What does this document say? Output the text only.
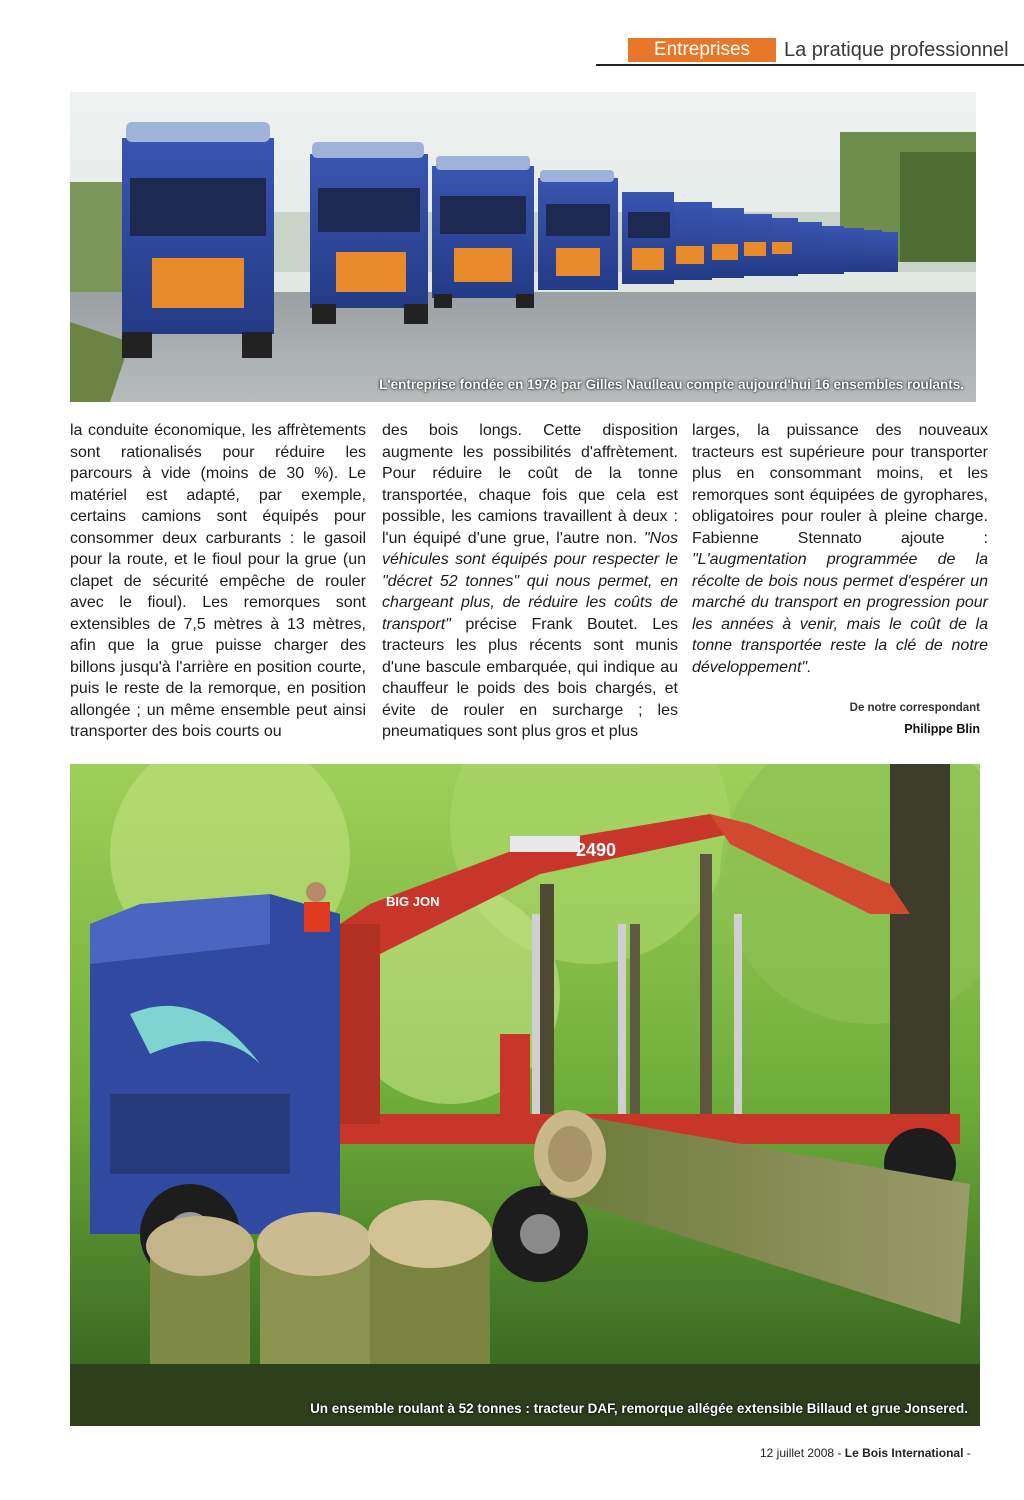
Entreprises	La pratique professionnel
L'entreprise fondée en 1978 par Gilles Naulleau compte aujourd'hui 16 ensembles roulants.

la conduite économique, les affrètements sont rationalisés pour réduire les parcours à vide (moins de 30 %). Le matériel est adapté, par exemple, certains camions sont équipés pour consommer deux carburants : le gasoil pour la route, et le fioul pour la grue (un clapet de sécurité empêche de rouler avec le fioul). Les remorques sont extensibles de 7,5 mètres à 13 mètres, afin que la grue puisse charger des billons jusqu'à l'arrière en position courte, puis le reste de la remorque, en position allongée ; un même ensemble peut ainsi transporter des bois courts ou

des bois longs. Cette disposition augmente les possibilités d'affrètement. Pour réduire le coût de la tonne transportée, chaque fois que cela est possible, les camions travaillent à deux : l'un équipé d'une grue, l'autre non. "Nos véhicules sont équipés pour respecter le "décret 52 tonnes" qui nous permet, en chargeant plus, de réduire les coûts de transport" précise Frank Boutet. Les tracteurs les plus récents sont munis d'une bascule embarquée, qui indique au chauffeur le poids des bois chargés, et évite de rouler en surcharge ; les pneumatiques sont plus gros et plus

larges, la puissance des nouveaux tracteurs est supérieure pour transporter plus en consommant moins, et les remorques sont équipées de gyrophares, obligatoires pour rouler à pleine charge. Fabienne Stennato ajoute : "L'augmentation programmée de la récolte de bois nous permet d'espérer un marché du transport en progression pour les années à venir, mais le coût de la tonne transportée reste la clé de notre développement".

De notre correspondant
Philippe Blin
2490
BIG JON
Un ensemble roulant à 52 tonnes : tracteur DAF, remorque allégée extensible Billaud et grue Jonsered.
12 juillet 2008 - Le Bois International -
